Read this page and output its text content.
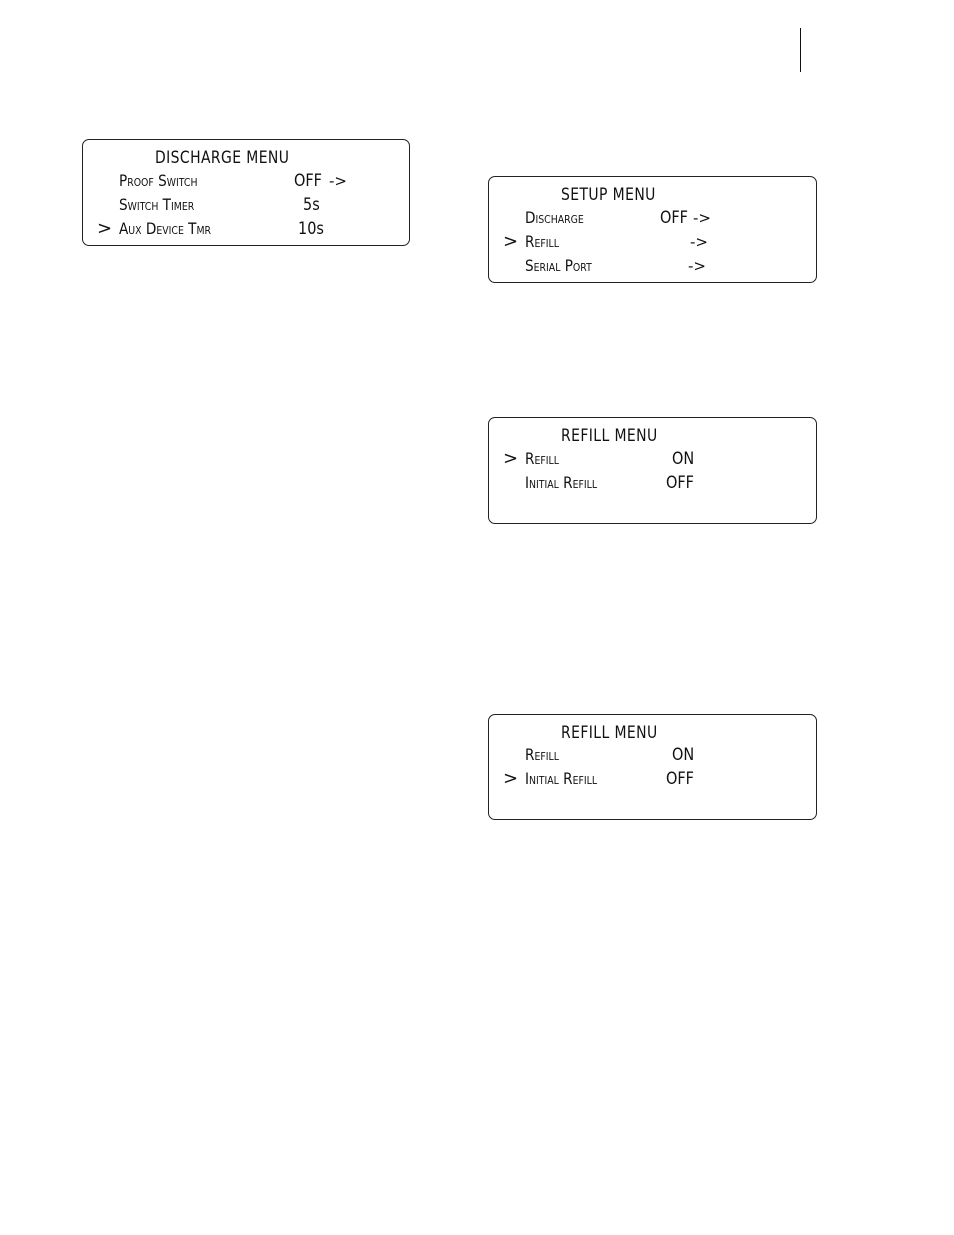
DISCHARGE MENU
Proof Switch	OFF ->
Switch Timer	5s
> Aux Device Tmr	10s
SETUP MENU
Discharge	OFF ->
> Refill	->
Serial Port	->
REFILL MENU
> Refill	ON
Initial Refill	OFF
REFILL MENU
Refill	ON
> Initial Refill	OFF
